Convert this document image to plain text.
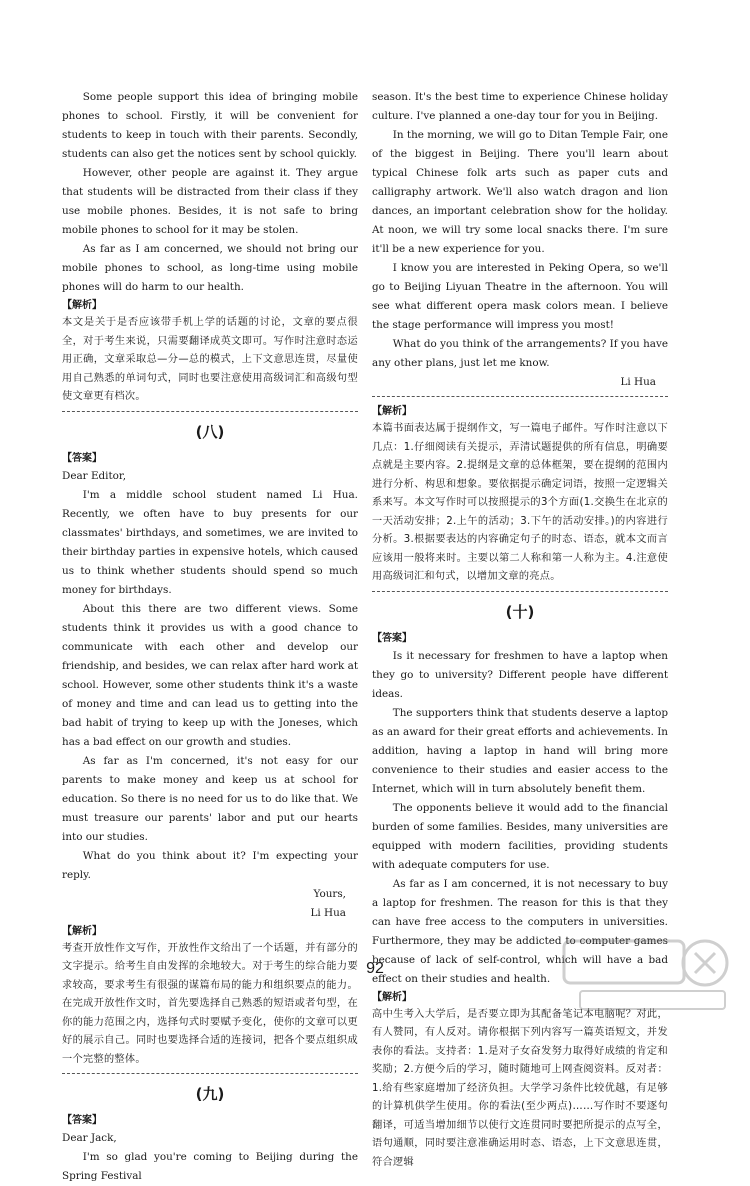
Some people support this idea of bringing mobile phones to school. Firstly, it will be convenient for students to keep in touch with their parents. Secondly, students can also get the notices sent by school quickly.

However, other people are against it. They argue that students will be distracted from their class if they use mobile phones. Besides, it is not safe to bring mobile phones to school for it may be stolen.

As far as I am concerned, we should not bring our mobile phones to school, as long-time using mobile phones will do harm to our health.

【解析】

本文是关于是否应该带手机上学的话题的讨论，文章的要点很全，对于考生来说，只需要翻译成英文即可。写作时注意时态运用正确，文章采取总—分—总的模式，上下文意思连贯，尽量使用自己熟悉的单词句式，同时也要注意使用高级词汇和高级句型使文章更有档次。

(八)

【答案】

Dear Editor,

I'm a middle school student named Li Hua. Recently, we often have to buy presents for our classmates' birthdays, and sometimes, we are invited to their birthday parties in expensive hotels, which caused us to think whether students should spend so much money for birthdays.

About this there are two different views. Some students think it provides us with a good chance to communicate with each other and develop our friendship, and besides, we can relax after hard work at school. However, some other students think it's a waste of money and time and can lead us to getting into the bad habit of trying to keep up with the Joneses, which has a bad effect on our growth and studies.

As far as I'm concerned, it's not easy for our parents to make money and keep us at school for education. So there is no need for us to do like that. We must treasure our parents' labor and put our hearts into our studies.

What do you think about it? I'm expecting your reply.

Yours,

Li Hua

【解析】

考查开放性作文写作，开放性作文给出了一个话题，并有部分的文字提示。给考生自由发挥的余地较大。对于考生的综合能力要求较高，要求考生有很强的谋篇布局的能力和组织要点的能力。在完成开放性作文时，首先要选择自己熟悉的短语或者句型，在你的能力范围之内，选择句式时要赋予变化，使你的文章可以更好的展示自己。同时也要选择合适的连接词，把各个要点组织成一个完整的整体。

(九)

【答案】

Dear Jack,

I'm so glad you're coming to Beijing during the Spring Festival

season. It's the best time to experience Chinese holiday culture. I've planned a one-day tour for you in Beijing.

In the morning, we will go to Ditan Temple Fair, one of the biggest in Beijing. There you'll learn about typical Chinese folk arts such as paper cuts and calligraphy artwork. We'll also watch dragon and lion dances, an important celebration show for the holiday. At noon, we will try some local snacks there. I'm sure it'll be a new experience for you.

I know you are interested in Peking Opera, so we'll go to Beijing Liyuan Theatre in the afternoon. You will see what different opera mask colors mean. I believe the stage performance will impress you most!

What do you think of the arrangements? If you have any other plans, just let me know.

Li Hua

【解析】

本篇书面表达属于提纲作文，写一篇电子邮件。写作时注意以下几点：1.仔细阅读有关提示，弄清试题提供的所有信息，明确要点就是主要内容。2.提纲是文章的总体框架，要在提纲的范围内进行分析、构思和想象。要依据提示确定词语，按照一定逻辑关系来写。本文写作时可以按照提示的3个方面(1.交换生在北京的一天活动安排；2.上午的活动；3.下午的活动安排。)的内容进行分析。3.根据要表达的内容确定句子的时态、语态，就本文而言应该用一般将来时。主要以第二人称和第一人称为主。4.注意使用高级词汇和句式，以增加文章的亮点。

(十)

【答案】

Is it necessary for freshmen to have a laptop when they go to university? Different people have different ideas.

The supporters think that students deserve a laptop as an award for their great efforts and achievements. In addition, having a laptop in hand will bring more convenience to their studies and easier access to the Internet, which will in turn absolutely benefit them.

The opponents believe it would add to the financial burden of some families. Besides, many universities are equipped with modern facilities, providing students with adequate computers for use.

As far as I am concerned, it is not necessary to buy a laptop for freshmen. The reason for this is that they can have free access to the computers in universities. Furthermore, they may be addicted to computer games because of lack of self-control, which will have a bad effect on their studies and health.

【解析】

高中生考入大学后，是否要立即为其配备笔记本电脑呢？对此，有人赞同，有人反对。请你根据下列内容写一篇英语短文，并发表你的看法。支持者：1.是对子女奋发努力取得好成绩的肯定和奖励；2.方便今后的学习，随时随地可上网查阅资料。反对者：1.给有些家庭增加了经济负担。大学学习条件比较优越，有足够的计算机供学生使用。你的看法(至少两点)……写作时不要逐句翻译，可适当增加细节以使行文连贯同时要把所提示的点写全，语句通顺，同时要注意准确运用时态、语态，上下文意思连贯，符合逻辑

92
